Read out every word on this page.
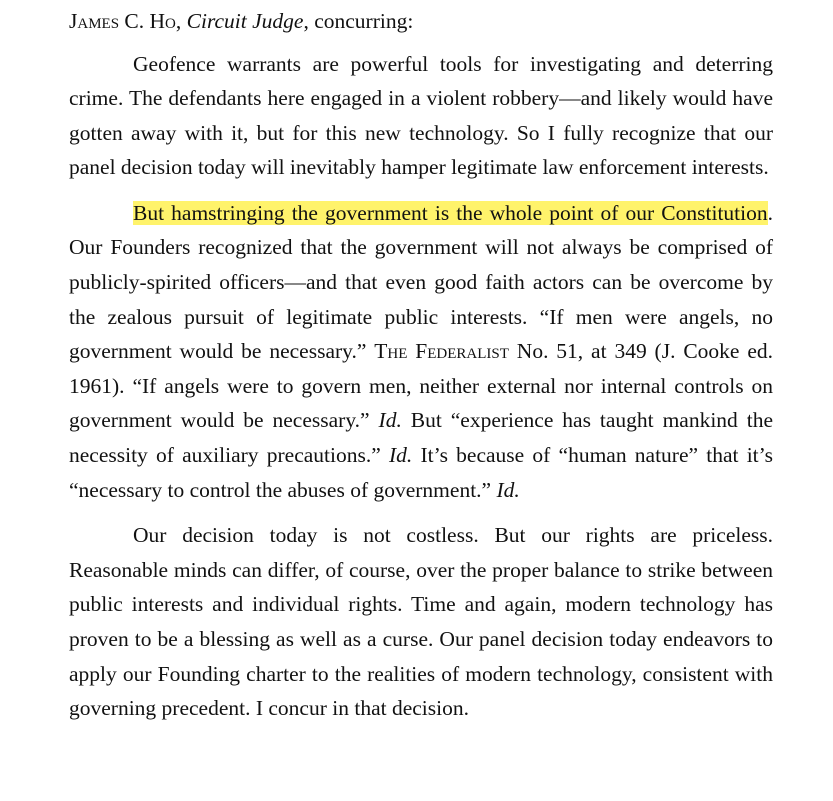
James C. Ho, Circuit Judge, concurring:

Geofence warrants are powerful tools for investigating and deterring crime. The defendants here engaged in a violent robbery—and likely would have gotten away with it, but for this new technology. So I fully recognize that our panel decision today will inevitably hamper legitimate law enforcement interests.

But hamstringing the government is the whole point of our Constitution. Our Founders recognized that the government will not always be comprised of publicly-spirited officers—and that even good faith actors can be overcome by the zealous pursuit of legitimate public interests. “If men were angels, no government would be necessary.” The Federalist No. 51, at 349 (J. Cooke ed. 1961). “If angels were to govern men, neither external nor internal controls on government would be necessary.” Id. But “experience has taught mankind the necessity of auxiliary precautions.” Id. It’s because of “human nature” that it’s “necessary to control the abuses of government.” Id.

Our decision today is not costless. But our rights are priceless. Reasonable minds can differ, of course, over the proper balance to strike between public interests and individual rights. Time and again, modern technology has proven to be a blessing as well as a curse. Our panel decision today endeavors to apply our Founding charter to the realities of modern technology, consistent with governing precedent. I concur in that decision.
